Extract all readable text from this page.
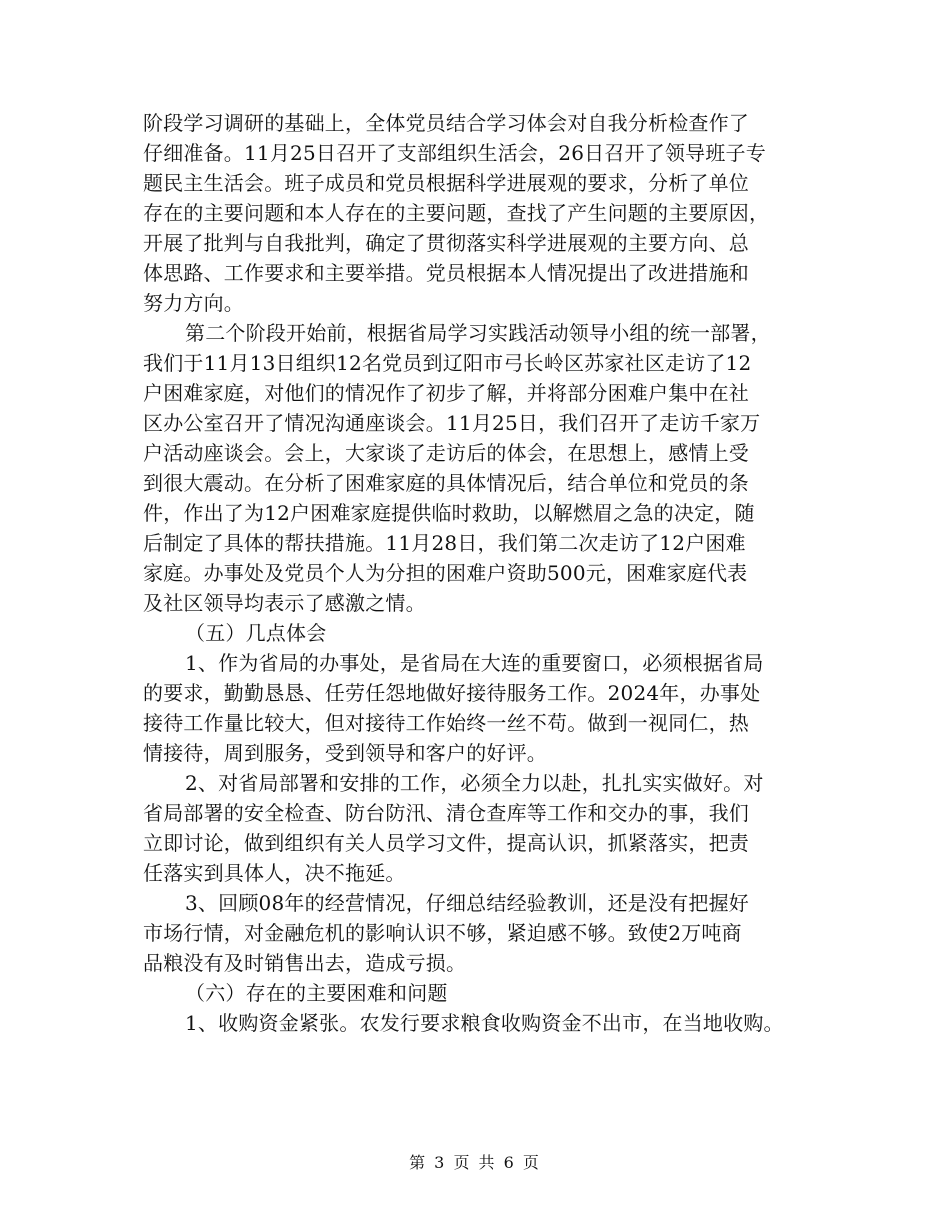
阶段学习调研的基础上，全体党员结合学习体会对自我分析检查作了
仔细准备。11月25日召开了支部组织生活会，26日召开了领导班子专
题民主生活会。班子成员和党员根据科学进展观的要求，分析了单位
存在的主要问题和本人存在的主要问题，查找了产生问题的主要原因，
开展了批判与自我批判，确定了贯彻落实科学进展观的主要方向、总
体思路、工作要求和主要举措。党员根据本人情况提出了改进措施和
努力方向。
第二个阶段开始前，根据省局学习实践活动领导小组的统一部署，
我们于11月13日组织12名党员到辽阳市弓长岭区苏家社区走访了12
户困难家庭，对他们的情况作了初步了解，并将部分困难户集中在社
区办公室召开了情况沟通座谈会。11月25日，我们召开了走访千家万
户活动座谈会。会上，大家谈了走访后的体会，在思想上，感情上受
到很大震动。在分析了困难家庭的具体情况后，结合单位和党员的条
件，作出了为12户困难家庭提供临时救助，以解燃眉之急的决定，随
后制定了具体的帮扶措施。11月28日，我们第二次走访了12户困难
家庭。办事处及党员个人为分担的困难户资助500元，困难家庭代表
及社区领导均表示了感激之情。
（五）几点体会
1、作为省局的办事处，是省局在大连的重要窗口，必须根据省局
的要求，勤勤恳恳、任劳任怨地做好接待服务工作。2024年，办事处
接待工作量比较大，但对接待工作始终一丝不苟。做到一视同仁，热
情接待，周到服务，受到领导和客户的好评。
2、对省局部署和安排的工作，必须全力以赴，扎扎实实做好。对
省局部署的安全检查、防台防汛、清仓查库等工作和交办的事，我们
立即讨论，做到组织有关人员学习文件，提高认识，抓紧落实，把责
任落实到具体人，决不拖延。
3、回顾08年的经营情况，仔细总结经验教训，还是没有把握好
市场行情，对金融危机的影响认识不够，紧迫感不够。致使2万吨商
品粮没有及时销售出去，造成亏损。
（六）存在的主要困难和问题
1、收购资金紧张。农发行要求粮食收购资金不出市，在当地收购。
第 3 页 共 6 页
